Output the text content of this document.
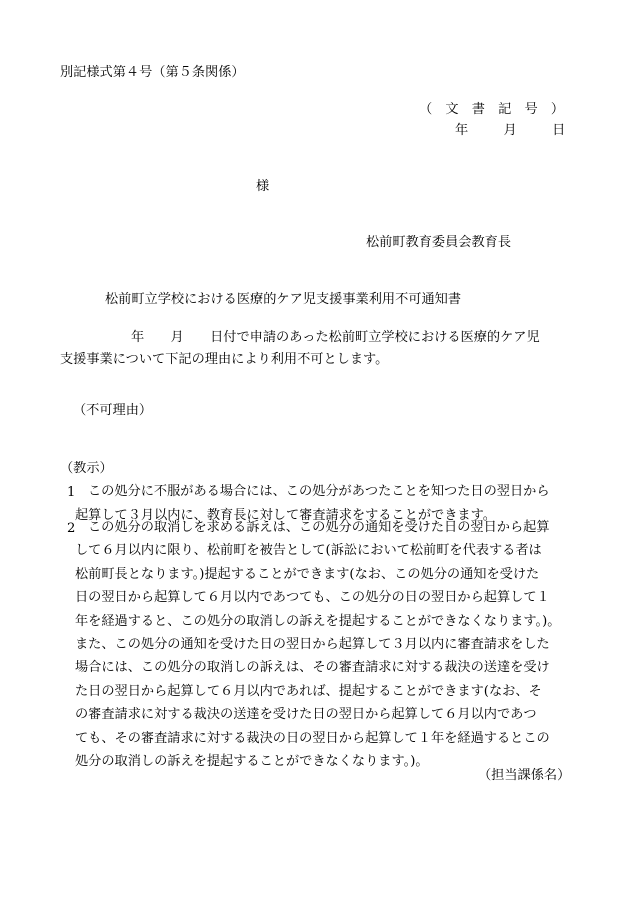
別記様式第４号（第５条関係）
（　文　書　記　号　）
年　　月　　日
様
松前町教育委員会教育長
松前町立学校における医療的ケア児支援事業利用不可通知書
年　　月　　日付で申請のあった松前町立学校における医療的ケア児
支援事業について下記の理由により利用不可とします。
（不可理由）
（教示）
1 この処分に不服がある場合には、この処分があつたことを知つた日の翌日から
起算して３月以内に、教育長に対して審査請求をすることができます。
2 この処分の取消しを求める訴えは、この処分の通知を受けた日の翌日から起算
して６月以内に限り、松前町を被告として(訴訟において松前町を代表する者は
松前町長となります。)提起することができます(なお、この処分の通知を受けた
日の翌日から起算して６月以内であつても、この処分の日の翌日から起算して１
年を経過すると、この処分の取消しの訴えを提起することができなくなります。)。
また、この処分の通知を受けた日の翌日から起算して３月以内に審査請求をした
場合には、この処分の取消しの訴えは、その審査請求に対する裁決の送達を受け
た日の翌日から起算して６月以内であれば、提起することができます(なお、そ
の審査請求に対する裁決の送達を受けた日の翌日から起算して６月以内であつ
ても、その審査請求に対する裁決の日の翌日から起算して１年を経過するとこの
処分の取消しの訴えを提起することができなくなります。)。
（担当課係名）
